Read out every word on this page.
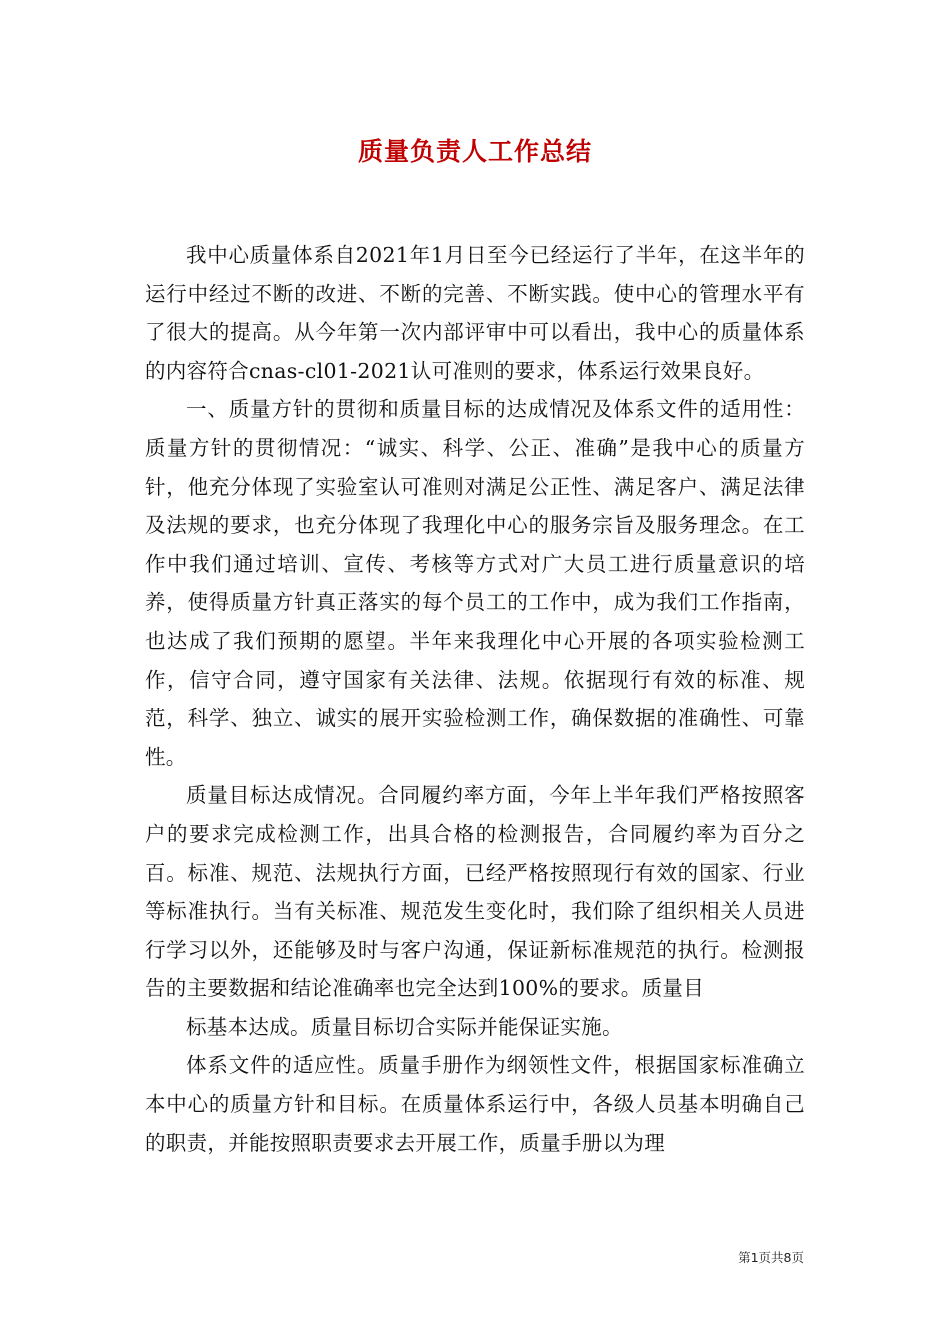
质量负责人工作总结

我中心质量体系自2021年1月日至今已经运行了半年，在这半年的运行中经过不断的改进、不断的完善、不断实践。使中心的管理水平有了很大的提高。从今年第一次内部评审中可以看出，我中心的质量体系的内容符合cnas-cl01-2021认可准则的要求，体系运行效果良好。

一、质量方针的贯彻和质量目标的达成情况及体系文件的适用性：质量方针的贯彻情况：“诚实、科学、公正、准确”是我中心的质量方针，他充分体现了实验室认可准则对满足公正性、满足客户、满足法律及法规的要求，也充分体现了我理化中心的服务宗旨及服务理念。在工作中我们通过培训、宣传、考核等方式对广大员工进行质量意识的培养，使得质量方针真正落实的每个员工的工作中，成为我们工作指南，也达成了我们预期的愿望。半年来我理化中心开展的各项实验检测工作，信守合同，遵守国家有关法律、法规。依据现行有效的标准、规范，科学、独立、诚实的展开实验检测工作，确保数据的准确性、可靠性。

质量目标达成情况。合同履约率方面，今年上半年我们严格按照客户的要求完成检测工作，出具合格的检测报告，合同履约率为百分之百。标准、规范、法规执行方面，已经严格按照现行有效的国家、行业等标准执行。当有关标准、规范发生变化时，我们除了组织相关人员进行学习以外，还能够及时与客户沟通，保证新标准规范的执行。检测报告的主要数据和结论准确率也完全达到100%的要求。质量目

标基本达成。质量目标切合实际并能保证实施。

体系文件的适应性。质量手册作为纲领性文件，根据国家标准确立本中心的质量方针和目标。在质量体系运行中，各级人员基本明确自己的职责，并能按照职责要求去开展工作，质量手册以为理

第1页共8页
